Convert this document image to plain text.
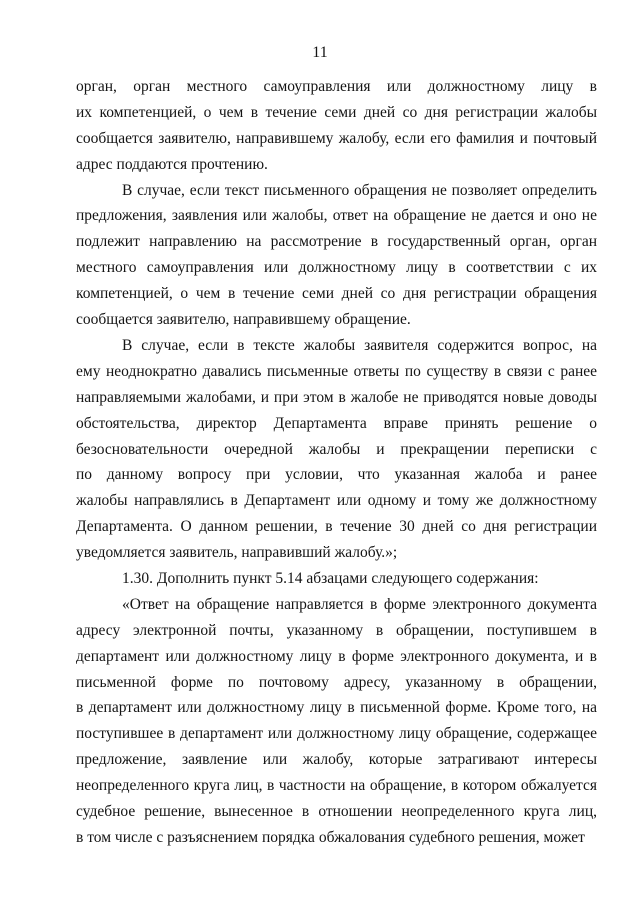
11
орган, орган местного самоуправления или должностному лицу в
их компетенцией, о чем в течение семи дней со дня регистрации жалобы
сообщается заявителю, направившему жалобу, если его фамилия и почтовый
адрес поддаются прочтению.
В случае, если текст письменного обращения не позволяет определить
предложения, заявления или жалобы, ответ на обращение не дается и оно не
подлежит направлению на рассмотрение в государственный орган, орган
местного самоуправления или должностному лицу в соответствии с их
компетенцией, о чем в течение семи дней со дня регистрации обращения
сообщается заявителю, направившему обращение.
В случае, если в тексте жалобы заявителя содержится вопрос, на
ему неоднократно давались письменные ответы по существу в связи с ранее
направляемыми жалобами, и при этом в жалобе не приводятся новые доводы
обстоятельства, директор Департамента вправе принять решение о
безосновательности очередной жалобы и прекращении переписки с
по данному вопросу при условии, что указанная жалоба и ранее
жалобы направлялись в Департамент или одному и тому же должностному
Департамента. О данном решении, в течение 30 дней со дня регистрации
уведомляется заявитель, направивший жалобу.»;
1.30. Дополнить пункт 5.14 абзацами следующего содержания:
«Ответ на обращение направляется в форме электронного документа
адресу электронной почты, указанному в обращении, поступившем в
департамент или должностному лицу в форме электронного документа, и в
письменной форме по почтовому адресу, указанному в обращении,
в департамент или должностному лицу в письменной форме. Кроме того, на
поступившее в департамент или должностному лицу обращение, содержащее
предложение, заявление или жалобу, которые затрагивают интересы
неопределенного круга лиц, в частности на обращение, в котором обжалуется
судебное решение, вынесенное в отношении неопределенного круга лиц,
в том числе с разъяснением порядка обжалования судебного решения, может
